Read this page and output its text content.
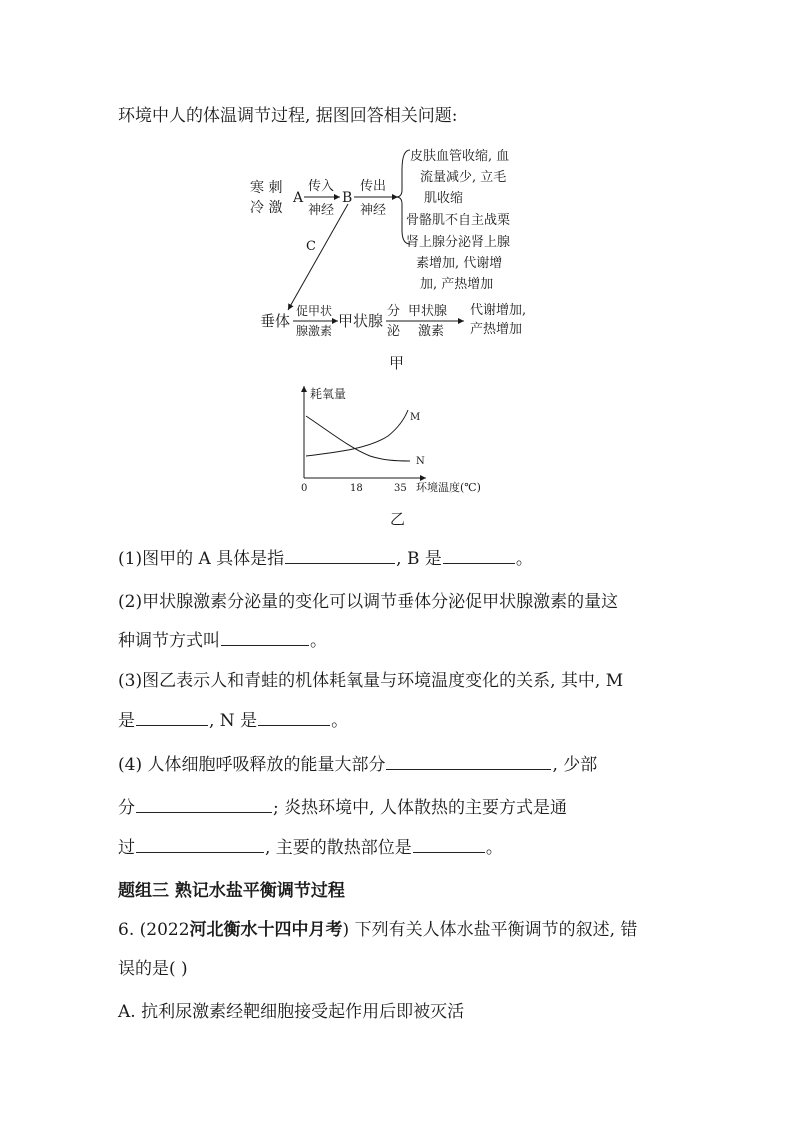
环境中人的体温调节过程, 据图回答相关问题:
寒 刺
冷 激
A
传入
神经
B
传出
神经
皮肤血管收缩, 血
流量减少, 立毛
肌收缩
骨骼肌不自主战栗
肾上腺分泌肾上腺
素增加, 代谢增
加, 产热增加
C
垂体
促甲状
腺激素
甲状腺
分
泌
甲状腺
激素
代谢增加,
产热增加
甲
耗氧量
环境温度(℃)
0	18	35
M
N
乙
(1)图甲的 A 具体是指	, B 是	。
(2)甲状腺激素分泌量的变化可以调节垂体分泌促甲状腺激素的量这
种调节方式叫	。
(3)图乙表示人和青蛙的机体耗氧量与环境温度变化的关系, 其中, M
是	, N 是	。
(4) 人体细胞呼吸释放的能量大部分	, 少部
分	; 炎热环境中, 人体散热的主要方式是通
过	, 主要的散热部位是	。
题组三 熟记水盐平衡调节过程
6. (2022河北衡水十四中月考) 下列有关人体水盐平衡调节的叙述, 错
误的是( )
A. 抗利尿激素经靶细胞接受起作用后即被灭活
